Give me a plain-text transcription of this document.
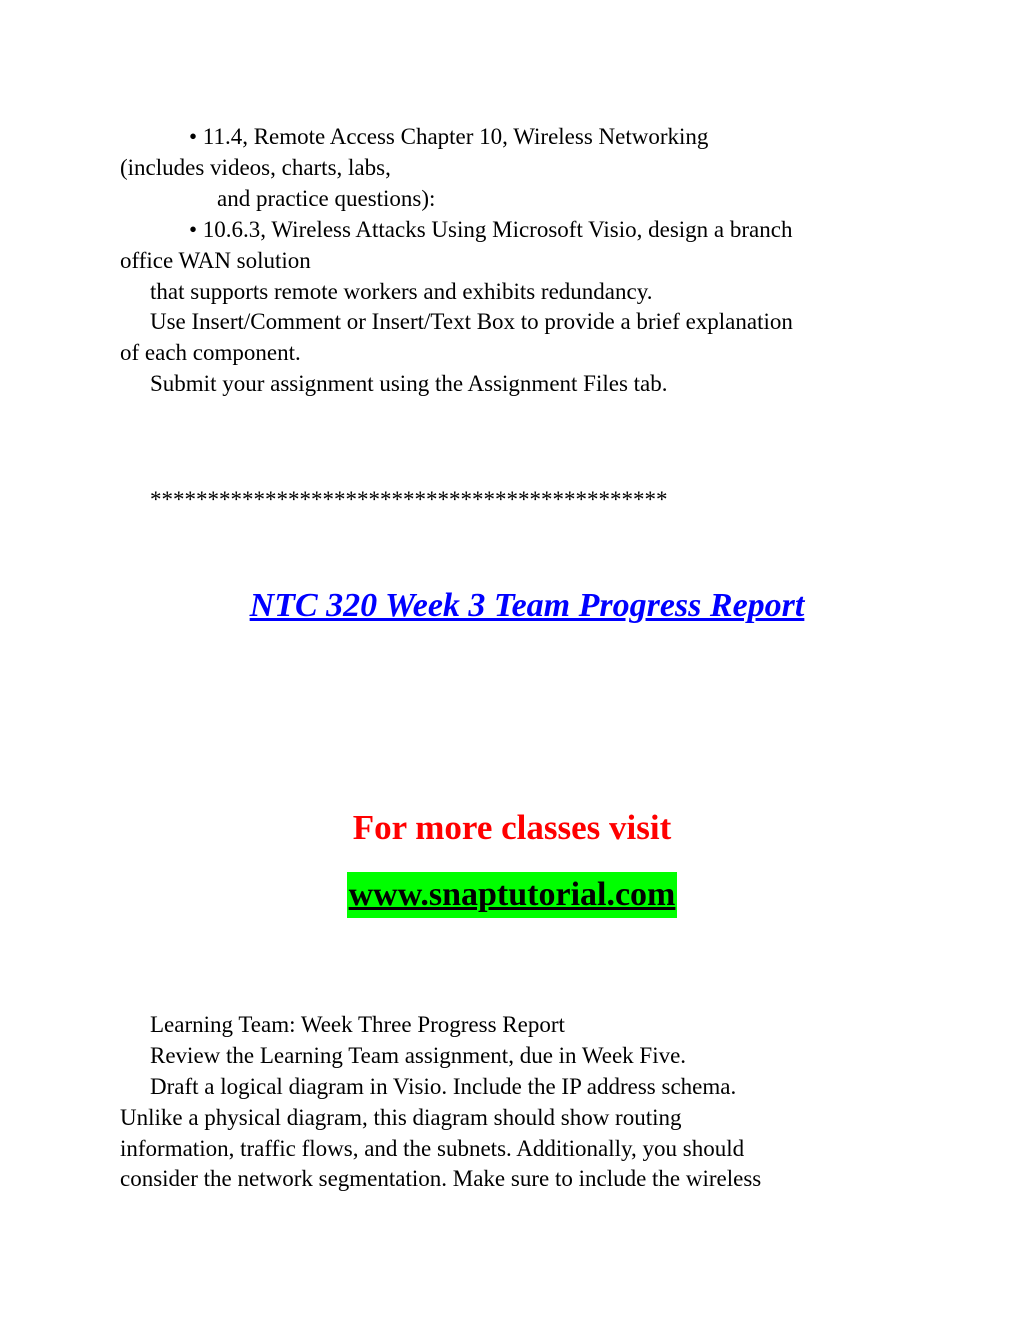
• 11.4, Remote Access Chapter 10, Wireless Networking
(includes videos, charts, labs,
and practice questions):
• 10.6.3, Wireless Attacks Using Microsoft Visio, design a branch
office WAN solution
that supports remote workers and exhibits redundancy.
Use Insert/Comment or Insert/Text Box to provide a brief explanation
of each component.
Submit your assignment using the Assignment Files tab.
*********************************************
NTC 320 Week 3 Team Progress Report
For more classes visit
www.snaptutorial.com
Learning Team: Week Three Progress Report
Review the Learning Team assignment, due in Week Five.
Draft a logical diagram in Visio. Include the IP address schema.
Unlike a physical diagram, this diagram should show routing
information, traffic flows, and the subnets. Additionally, you should
consider the network segmentation. Make sure to include the wireless
